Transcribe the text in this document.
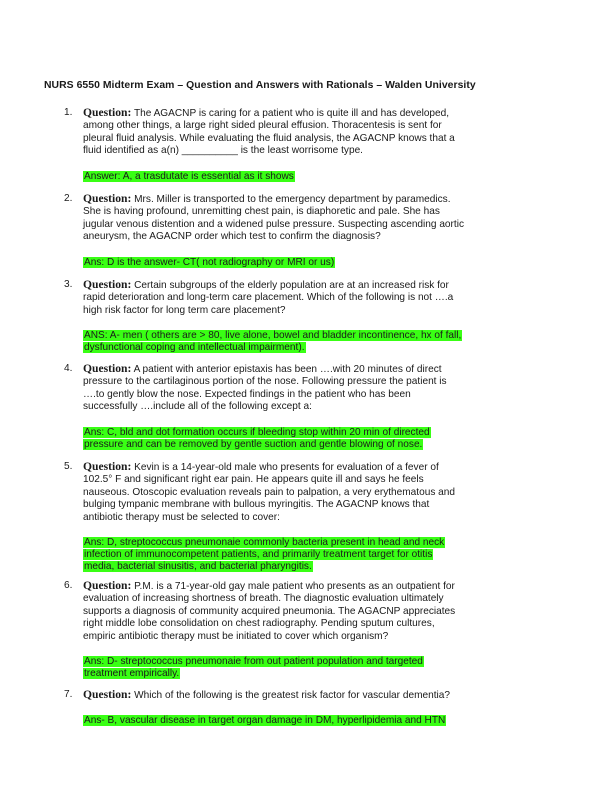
NURS 6550 Midterm Exam – Question and Answers with Rationals – Walden University
1. Question: The AGACNP is caring for a patient who is quite ill and has developed, among other things, a large right sided pleural effusion. Thoracentesis is sent for pleural fluid analysis. While evaluating the fluid analysis, the AGACNP knows that a fluid identified as a(n) __________ is the least worrisome type.
Answer: A, a trasdutate is essential as it shows
2. Question: Mrs. Miller is transported to the emergency department by paramedics. She is having profound, unremitting chest pain, is diaphoretic and pale. She has jugular venous distention and a widened pulse pressure. Suspecting ascending aortic aneurysm, the AGACNP order which test to confirm the diagnosis?
Ans: D is the answer- CT( not radiography or MRI or us)
3. Question: Certain subgroups of the elderly population are at an increased risk for rapid deterioration and long-term care placement. Which of the following is not ….a high risk factor for long term care placement?
ANS: A- men ( others are > 80, live alone, bowel and bladder incontinence, hx of fall, dysfunctional coping and intellectual impairment).
4. Question: A patient with anterior epistaxis has been ….with 20 minutes of direct pressure to the cartilaginous portion of the nose. Following pressure the patient is ….to gently blow the nose. Expected findings in the patient who has been successfully ….include all of the following except a:
Ans: C, bld and dot formation occurs if bleeding stop within 20 min of directed pressure and can be removed by gentle suction and gentle blowing of nose.
5. Question: Kevin is a 14-year-old male who presents for evaluation of a fever of 102.5° F and significant right ear pain. He appears quite ill and says he feels nauseous. Otoscopic evaluation reveals pain to palpation, a very erythematous and bulging tympanic membrane with bullous myringitis. The AGACNP knows that antibiotic therapy must be selected to cover:
Ans: D, streptococcus pneumonaie commonly bacteria present in head and neck infection of immunocompetent patients, and primarily treatment target for otitis media, bacterial sinusitis, and bacterial pharyngitis.
6. Question: P.M. is a 71-year-old gay male patient who presents as an outpatient for evaluation of increasing shortness of breath. The diagnostic evaluation ultimately supports a diagnosis of community acquired pneumonia. The AGACNP appreciates right middle lobe consolidation on chest radiography. Pending sputum cultures, empiric antibiotic therapy must be initiated to cover which organism?
Ans: D- streptococcus pneumonaie from out patient population and targeted treatment empirically.
7. Question: Which of the following is the greatest risk factor for vascular dementia?
Ans- B, vascular disease in target organ damage in DM, hyperlipidemia and HTN
